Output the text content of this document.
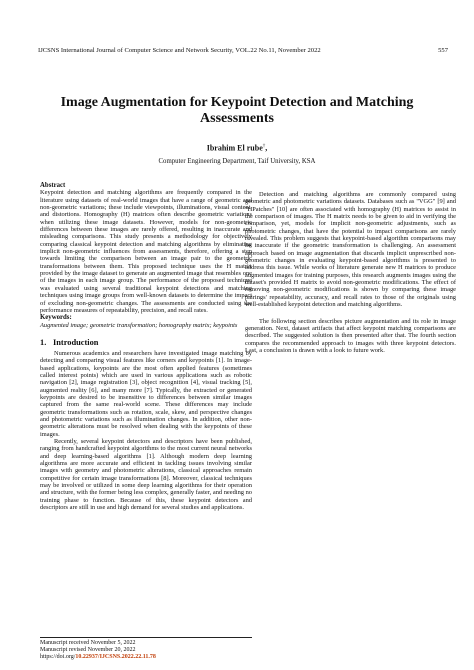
IJCSNS International Journal of Computer Science and Network Security, VOL.22 No.11, November 2022	557
Image Augmentation for Keypoint Detection and Matching Assessments
Ibrahim El rube†,
Computer Engineering Department, Taif University, KSA

Abstract

Keypoint detection and matching algorithms are frequently compared in the literature using datasets of real-world images that have a range of geometric and non-geometric variations; these include viewpoints, illuminations, visual content, and distortions. Homography (H) matrices often describe geometric variations when utilizing these image datasets. However, models for non-geometric differences between these images are rarely offered, resulting in inaccurate and misleading comparisons. This study presents a methodology for objectively comparing classical keypoint detection and matching algorithms by eliminating implicit non-geometric influences from assessments, therefore, offering a step towards limiting the comparison between an image pair to the geometric transformations between them. This proposed technique uses the H matrix provided by the image dataset to generate an augmented image that resembles one of the images in each image group. The performance of the proposed technique was evaluated using several traditional keypoint detections and matching techniques using image groups from well-known datasets to determine the impact of excluding non-geometric changes. The assessments are conducted using the performance measures of repeatability, precision, and recall rates.

Keywords:

Augmented image; geometric transformation; homography matrix; keypoints

1. Introduction

Numerous academics and researchers have investigated image matching by detecting and comparing visual features like corners and keypoints [1]. In image-based applications, keypoints are the most often applied features (sometimes called interest points) which are used in various applications such as robotic navigation [2], image registration [3], object recognition [4], visual tracking [5], augmented reality [6], and many more [7]. Typically, the extracted or generated keypoints are desired to be insensitive to differences between similar images captured from the same real-world scene. These differences may include geometric transformations such as rotation, scale, skew, and perspective changes and photometric variations such as illumination changes. In addition, other non-geometric alterations must be resolved when dealing with the keypoints of these images.

Recently, several keypoint detectors and descriptors have been published, ranging from handcrafted keypoint algorithms to the most current neural networks and deep learning-based algorithms [1]. Although modern deep learning algorithms are more accurate and efficient in tackling issues involving similar images with geometry and photometric alterations, classical approaches remain competitive for certain image transformations [8]. Moreover, classical techniques may be involved or utilized in some deep learning algorithms for their operation and structure, with the former being less complex, generally faster, and needing no training phase to function. Because of this, these keypoint detectors and descriptors are still in use and high demand for several studies and applications.

Detection and matching algorithms are commonly compared using geometric and photometric variations datasets. Databases such as "VGG" [9] and "HPatches" [10] are often associated with homography (H) matrices to assist in the comparison of images. The H matrix needs to be given to aid in verifying the comparison, yet, models for implicit non-geometric adjustments, such as photometric changes, that have the potential to impact comparisons are rarely revealed. This problem suggests that keypoint-based algorithm comparisons may be inaccurate if the geometric transformation is challenging. An assessment approach based on image augmentation that discards implicit unprescribed non-geometric changes in evaluating keypoint-based algorithms is presented to address this issue. While works of literature generate new H matrices to produce augmented images for training purposes, this research augments images using the dataset's provided H matrix to avoid non-geometric modifications. The effect of removing non-geometric modifications is shown by comparing these image pairings' repeatability, accuracy, and recall rates to those of the originals using well-established keypoint detection and matching algorithms.

The following section describes picture augmentation and its role in image generation. Next, dataset artifacts that affect keypoint matching comparisons are described. The suggested solution is then presented after that. The fourth section compares the recommended approach to images with three keypoint detectors. Last, a conclusion is drawn with a look to future work.

Manuscript received November 5, 2022
Manuscript revised November 20, 2022
https://doi.org/10.22937/IJCSNS.2022.22.11.78
